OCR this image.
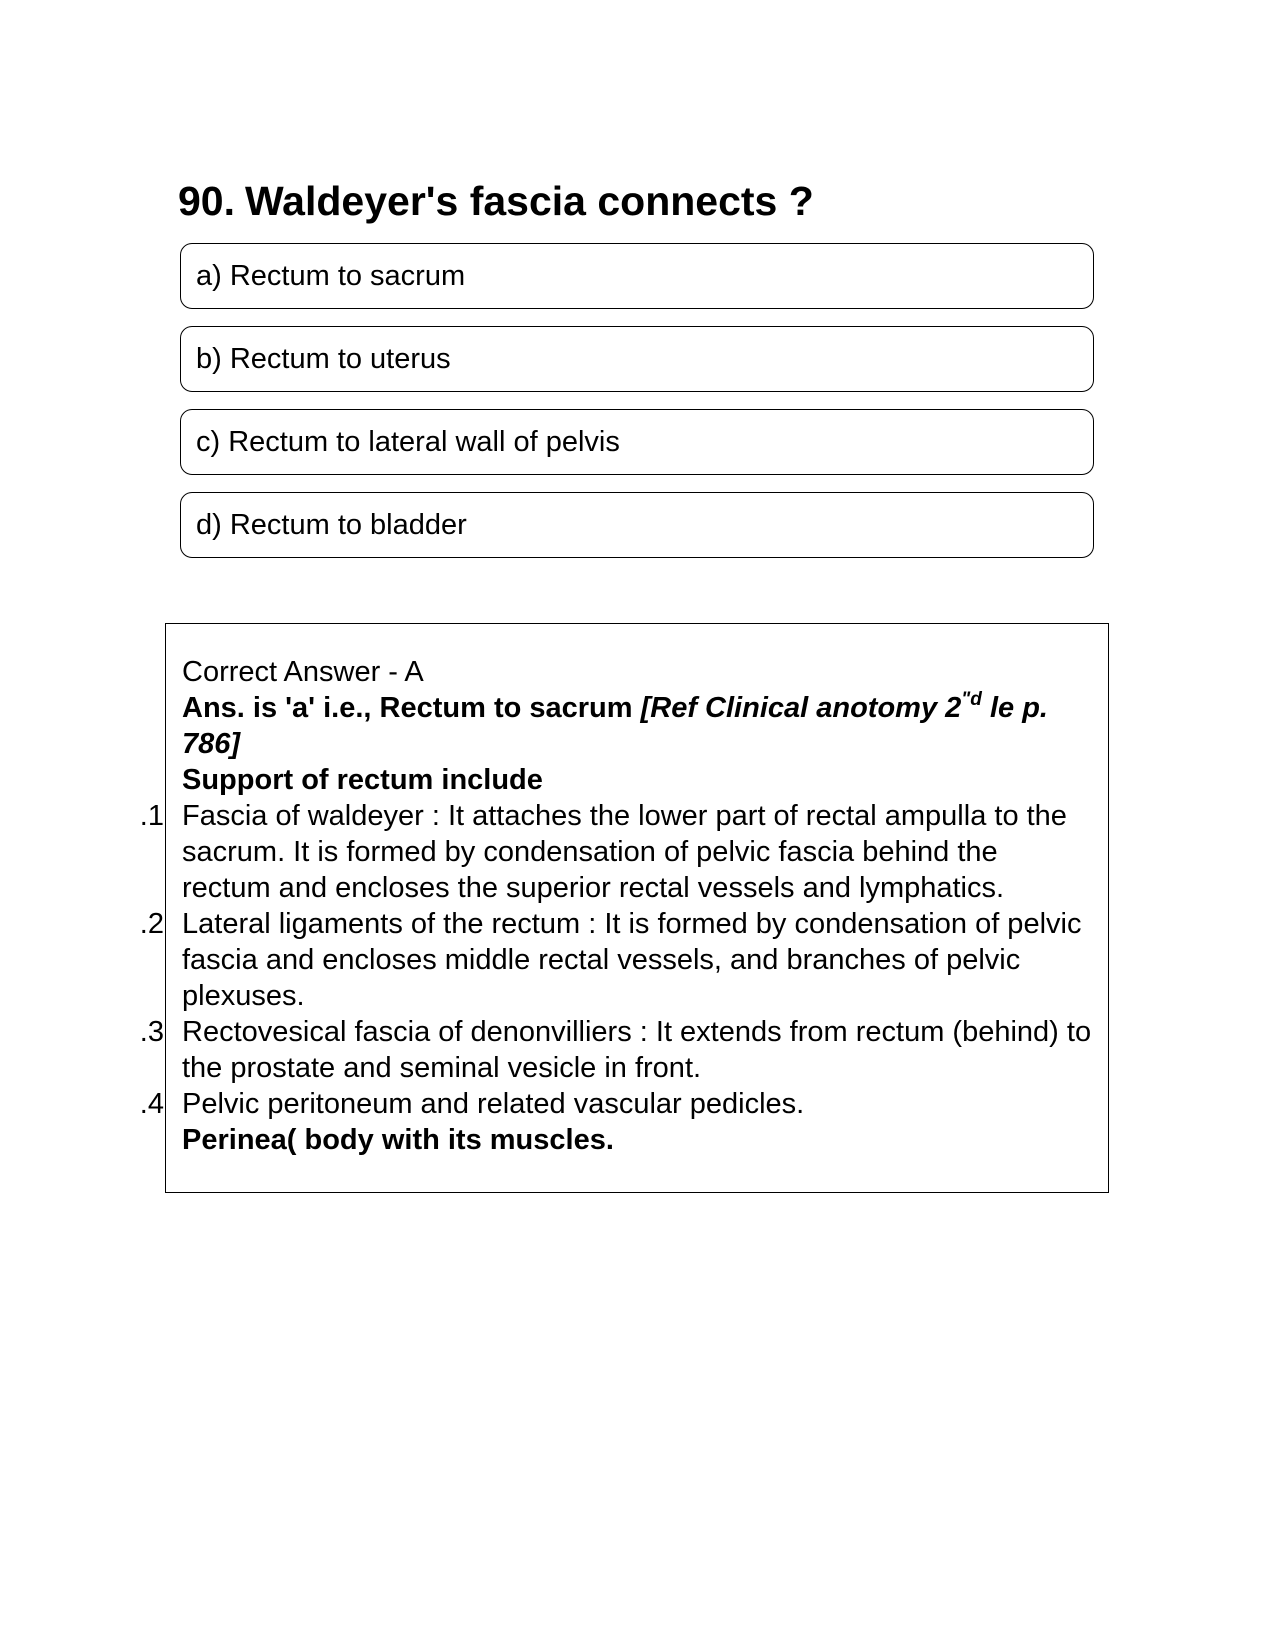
90. Waldeyer's fascia connects ?
a) Rectum to sacrum
b) Rectum to uterus
c) Rectum to lateral wall of pelvis
d) Rectum to bladder

Correct Answer - A

Ans. is 'a' i.e., Rectum to sacrum [Ref Clinical anotomy $2^{"d}$ le p. 786]

Support of rectum include

1. Fascia of waldeyer : It attaches the lower part of rectal ampulla to the sacrum. It is formed by condensation of pelvic fascia behind the rectum and encloses the superior rectal vessels and lymphatics.
2. Lateral ligaments of the rectum : It is formed by condensation of pelvic fascia and encloses middle rectal vessels, and branches of pelvic plexuses.
3. Rectovesical fascia of denonvilliers : It extends from rectum (behind) to the prostate and seminal vesicle in front.
4. Pelvic peritoneum and related vascular pedicles.

Perinea( body with its muscles.
